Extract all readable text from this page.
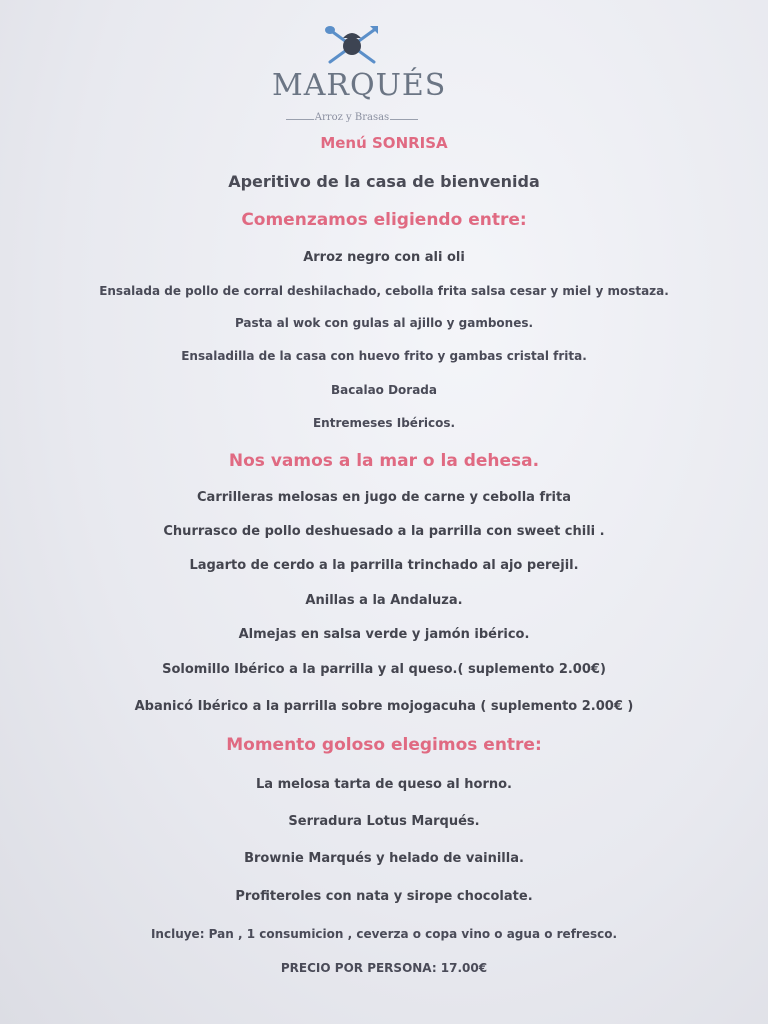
MARQUÉS
Arroz y Brasas
Menú SONRISA
Aperitivo de la casa de bienvenida
Comenzamos eligiendo entre:
Arroz negro con ali oli
Ensalada de pollo de corral deshilachado, cebolla frita salsa cesar y miel y mostaza.
Pasta al wok con gulas al ajillo y gambones.
Ensaladilla de la casa con huevo frito y gambas cristal frita.
Bacalao Dorada
Entremeses Ibéricos.
Nos vamos a la mar o la dehesa.
Carrilleras melosas en jugo de carne y cebolla frita
Churrasco de pollo deshuesado a la parrilla con sweet chili .
Lagarto de cerdo a la parrilla trinchado al ajo perejil.
Anillas a la Andaluza.
Almejas en salsa verde y jamón ibérico.
Solomillo Ibérico a la parrilla y al queso.( suplemento 2.00€)
Abanicó Ibérico a la parrilla sobre mojogacuha ( suplemento 2.00€ )
Momento goloso elegimos entre:
La melosa tarta de queso al horno.
Serradura Lotus Marqués.
Brownie Marqués y helado de vainilla.
Profiteroles con nata y sirope chocolate.
Incluye: Pan , 1 consumicion , ceverza o copa vino o agua o refresco.
PRECIO POR PERSONA: 17.00€
